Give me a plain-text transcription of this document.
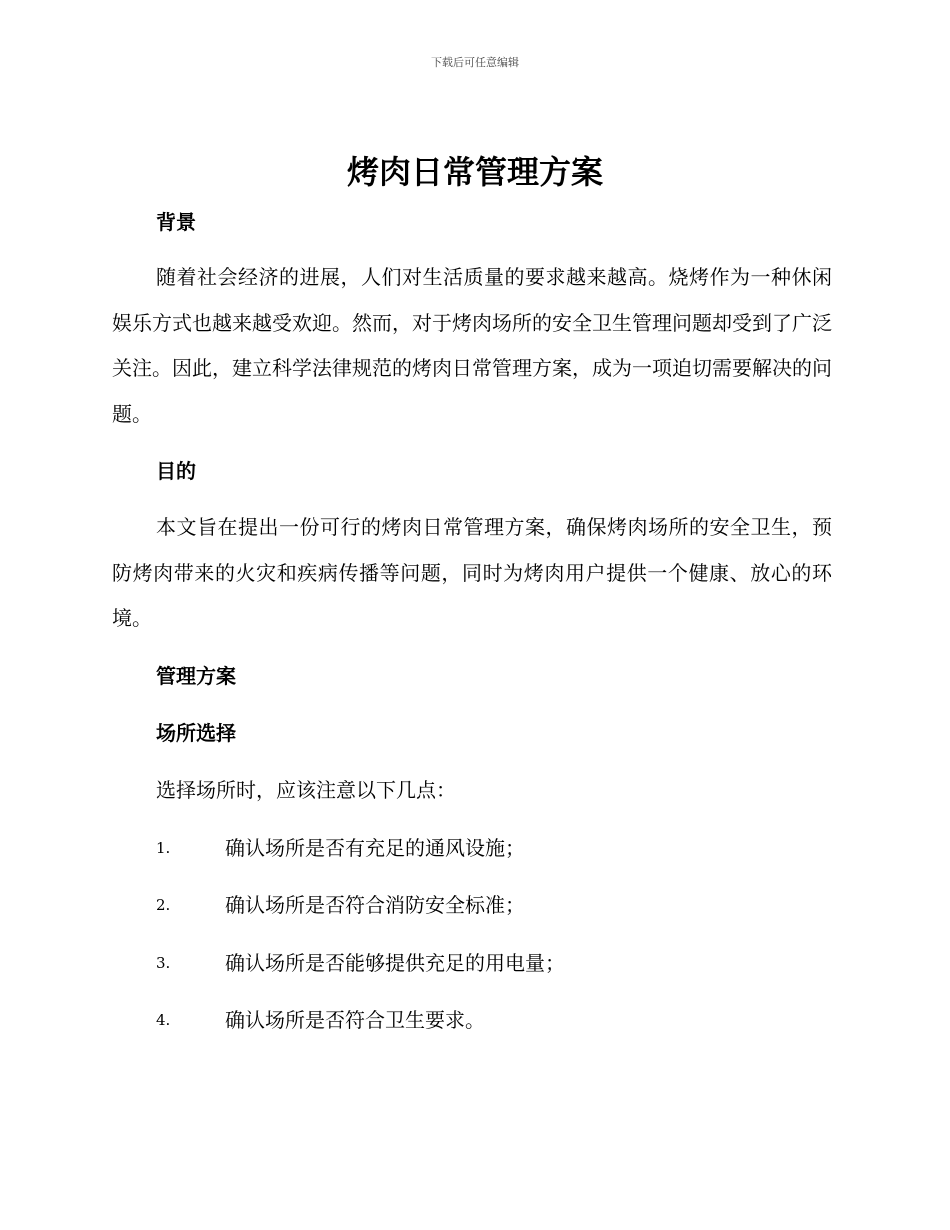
下载后可任意编辑
烤肉日常管理方案
背景

随着社会经济的进展，人们对生活质量的要求越来越高。烧烤作为一种休闲娱乐方式也越来越受欢迎。然而，对于烤肉场所的安全卫生管理问题却受到了广泛关注。因此，建立科学法律规范的烤肉日常管理方案，成为一项迫切需要解决的问题。

目的

本文旨在提出一份可行的烤肉日常管理方案，确保烤肉场所的安全卫生，预防烤肉带来的火灾和疾病传播等问题，同时为烤肉用户提供一个健康、放心的环境。

管理方案
场所选择

选择场所时，应该注意以下几点：

1.	确认场所是否有充足的通风设施；
2.	确认场所是否符合消防安全标准；
3.	确认场所是否能够提供充足的用电量；
4.	确认场所是否符合卫生要求。
